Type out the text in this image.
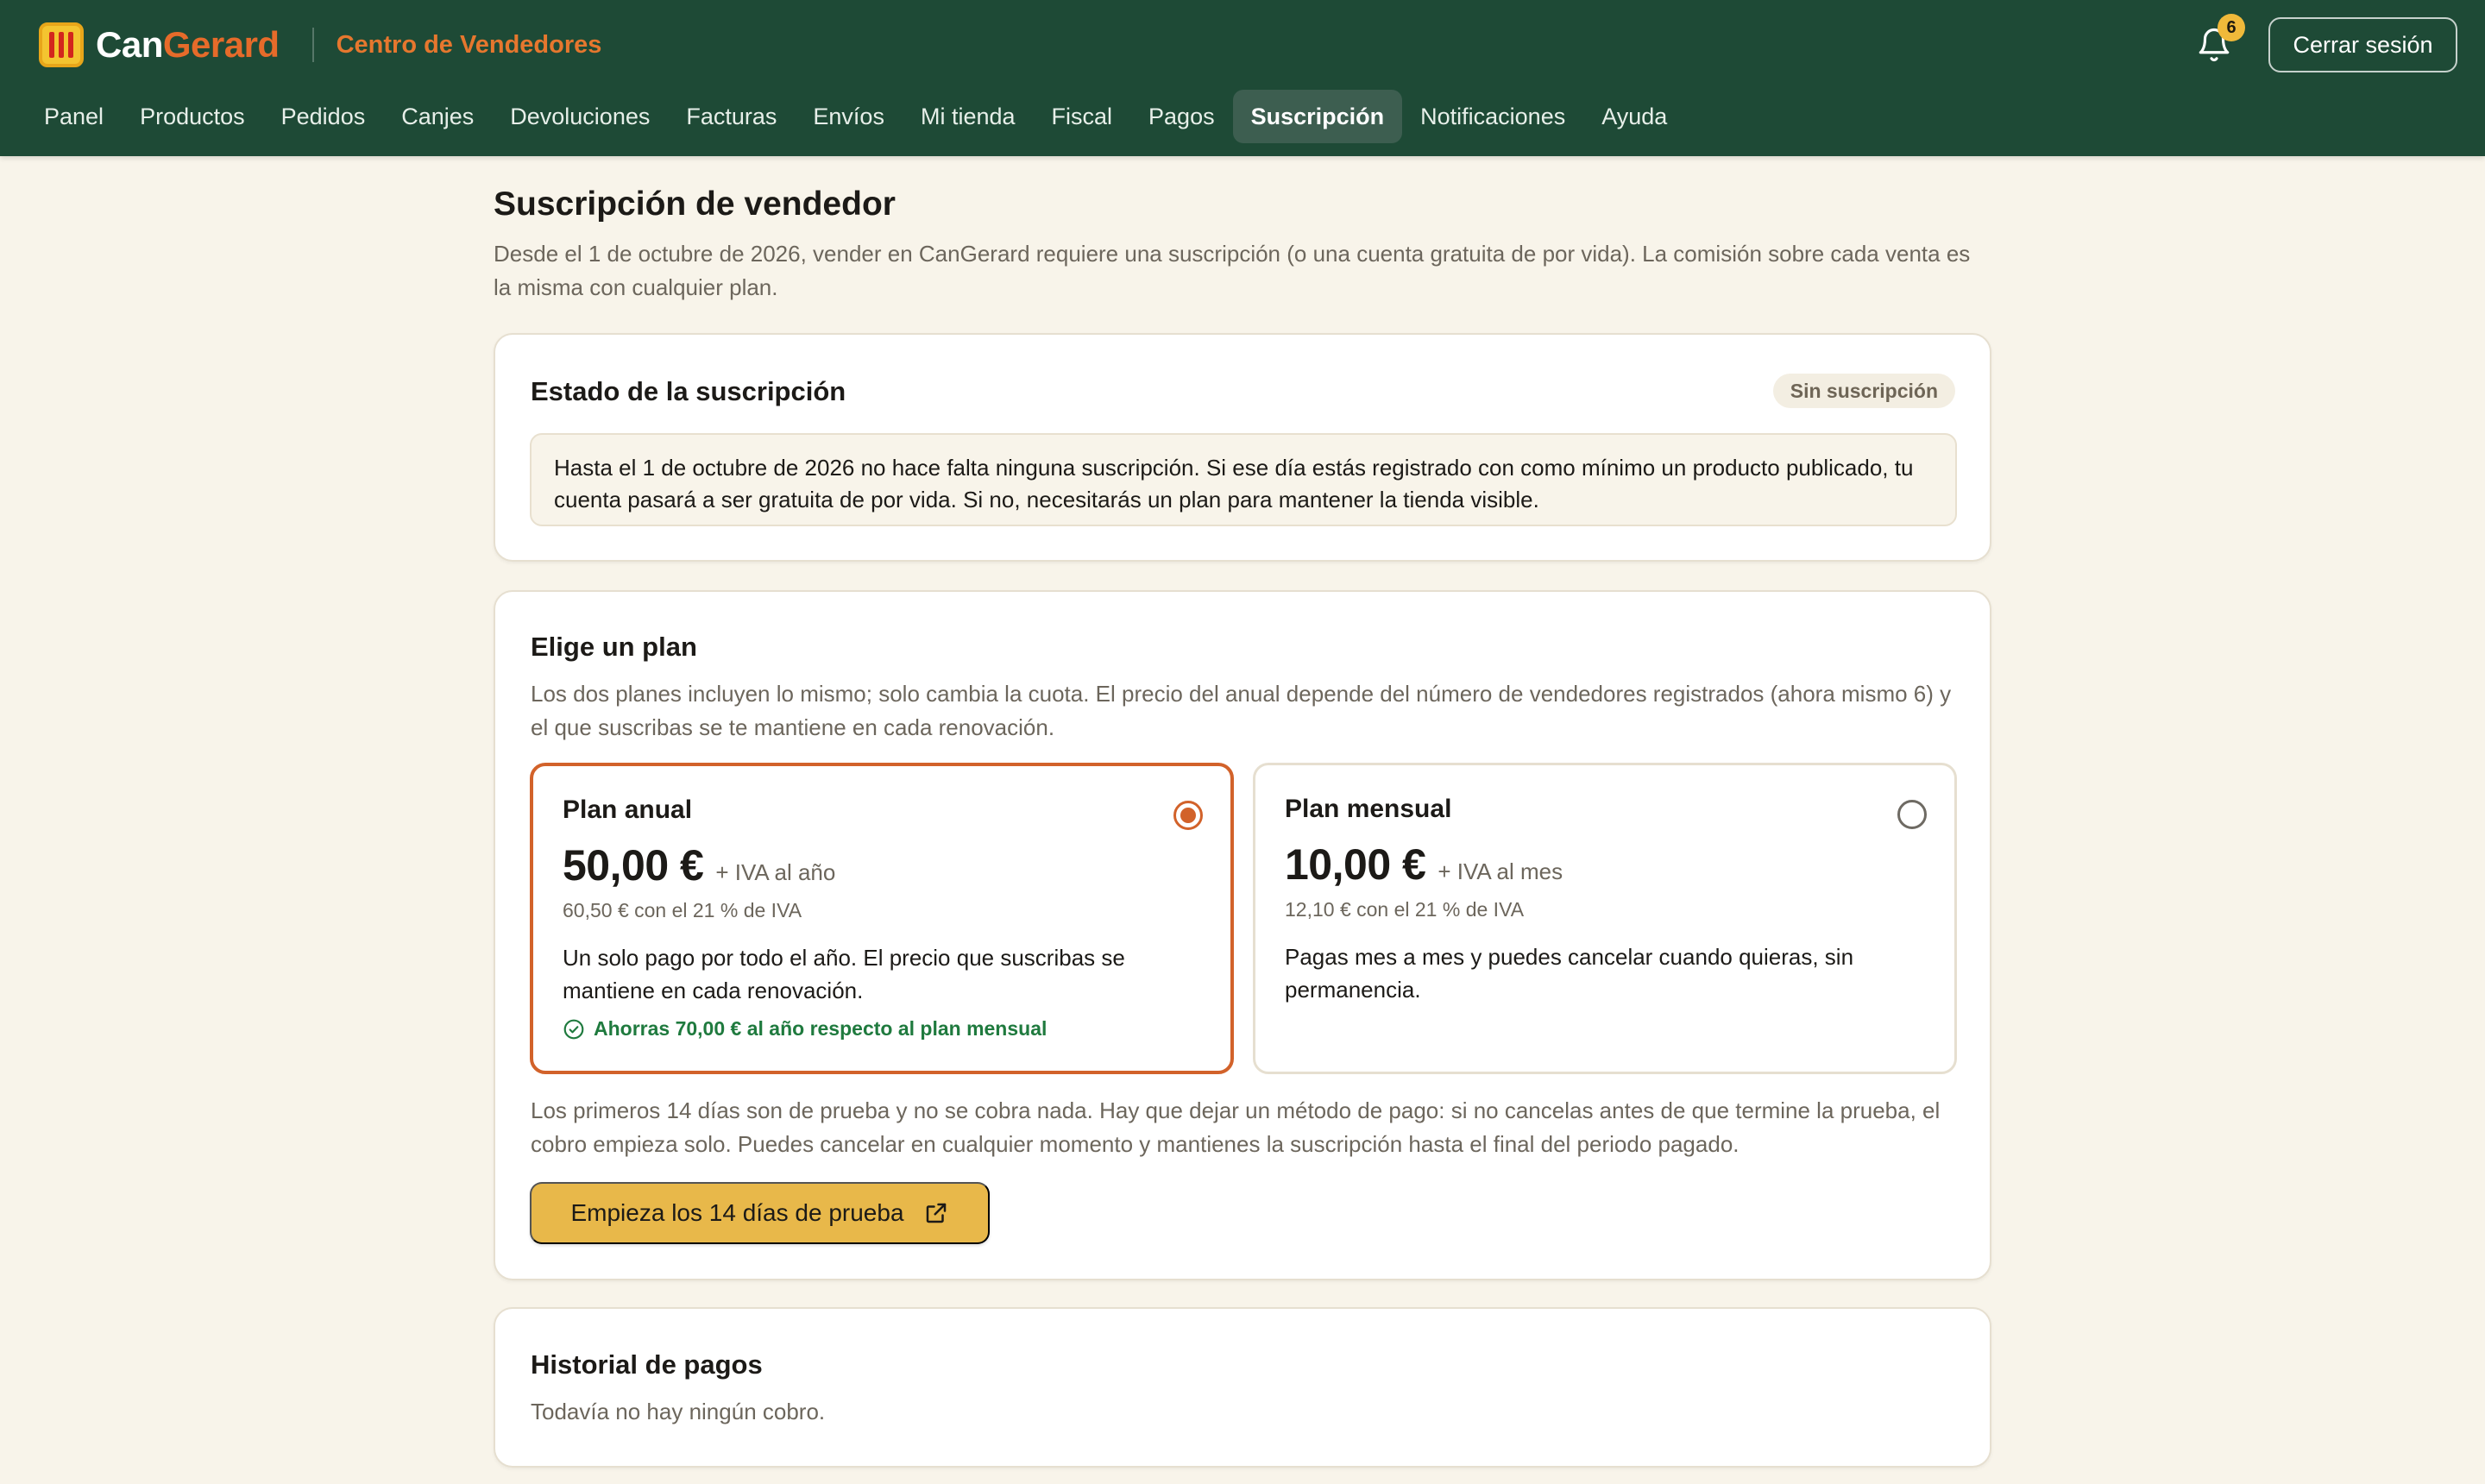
CanGerard Centro de Vendedores
6
Cerrar sesión
Panel	Productos	Pedidos	Canjes	Devoluciones	Facturas	Envíos	Mi tienda	Fiscal	Pagos	Suscripción	Notificaciones	Ayuda
Suscripción de vendedor

Desde el 1 de octubre de 2026, vender en CanGerard requiere una suscripción (o una cuenta gratuita de por vida). La comisión sobre cada venta es la misma con cualquier plan.

Estado de la suscripción	Sin suscripción
Hasta el 1 de octubre de 2026 no hace falta ninguna suscripción. Si ese día estás registrado con como mínimo un producto publicado, tu cuenta pasará a ser gratuita de por vida. Si no, necesitarás un plan para mantener la tienda visible.
Elige un plan

Los dos planes incluyen lo mismo; solo cambia la cuota. El precio del anual depende del número de vendedores registrados (ahora mismo 6) y el que suscribas se te mantiene en cada renovación.

Plan anual
50,00 € + IVA al año
60,50 € con el 21 % de IVA
Un solo pago por todo el año. El precio que suscribas se mantiene en cada renovación.
Ahorras 70,00 € al año respecto al plan mensual
Plan mensual
10,00 € + IVA al mes
12,10 € con el 21 % de IVA
Pagas mes a mes y puedes cancelar cuando quieras, sin permanencia.

Los primeros 14 días son de prueba y no se cobra nada. Hay que dejar un método de pago: si no cancelas antes de que termine la prueba, el cobro empieza solo. Puedes cancelar en cualquier momento y mantienes la suscripción hasta el final del periodo pagado.

Empieza los 14 días de prueba
Historial de pagos

Todavía no hay ningún cobro.
